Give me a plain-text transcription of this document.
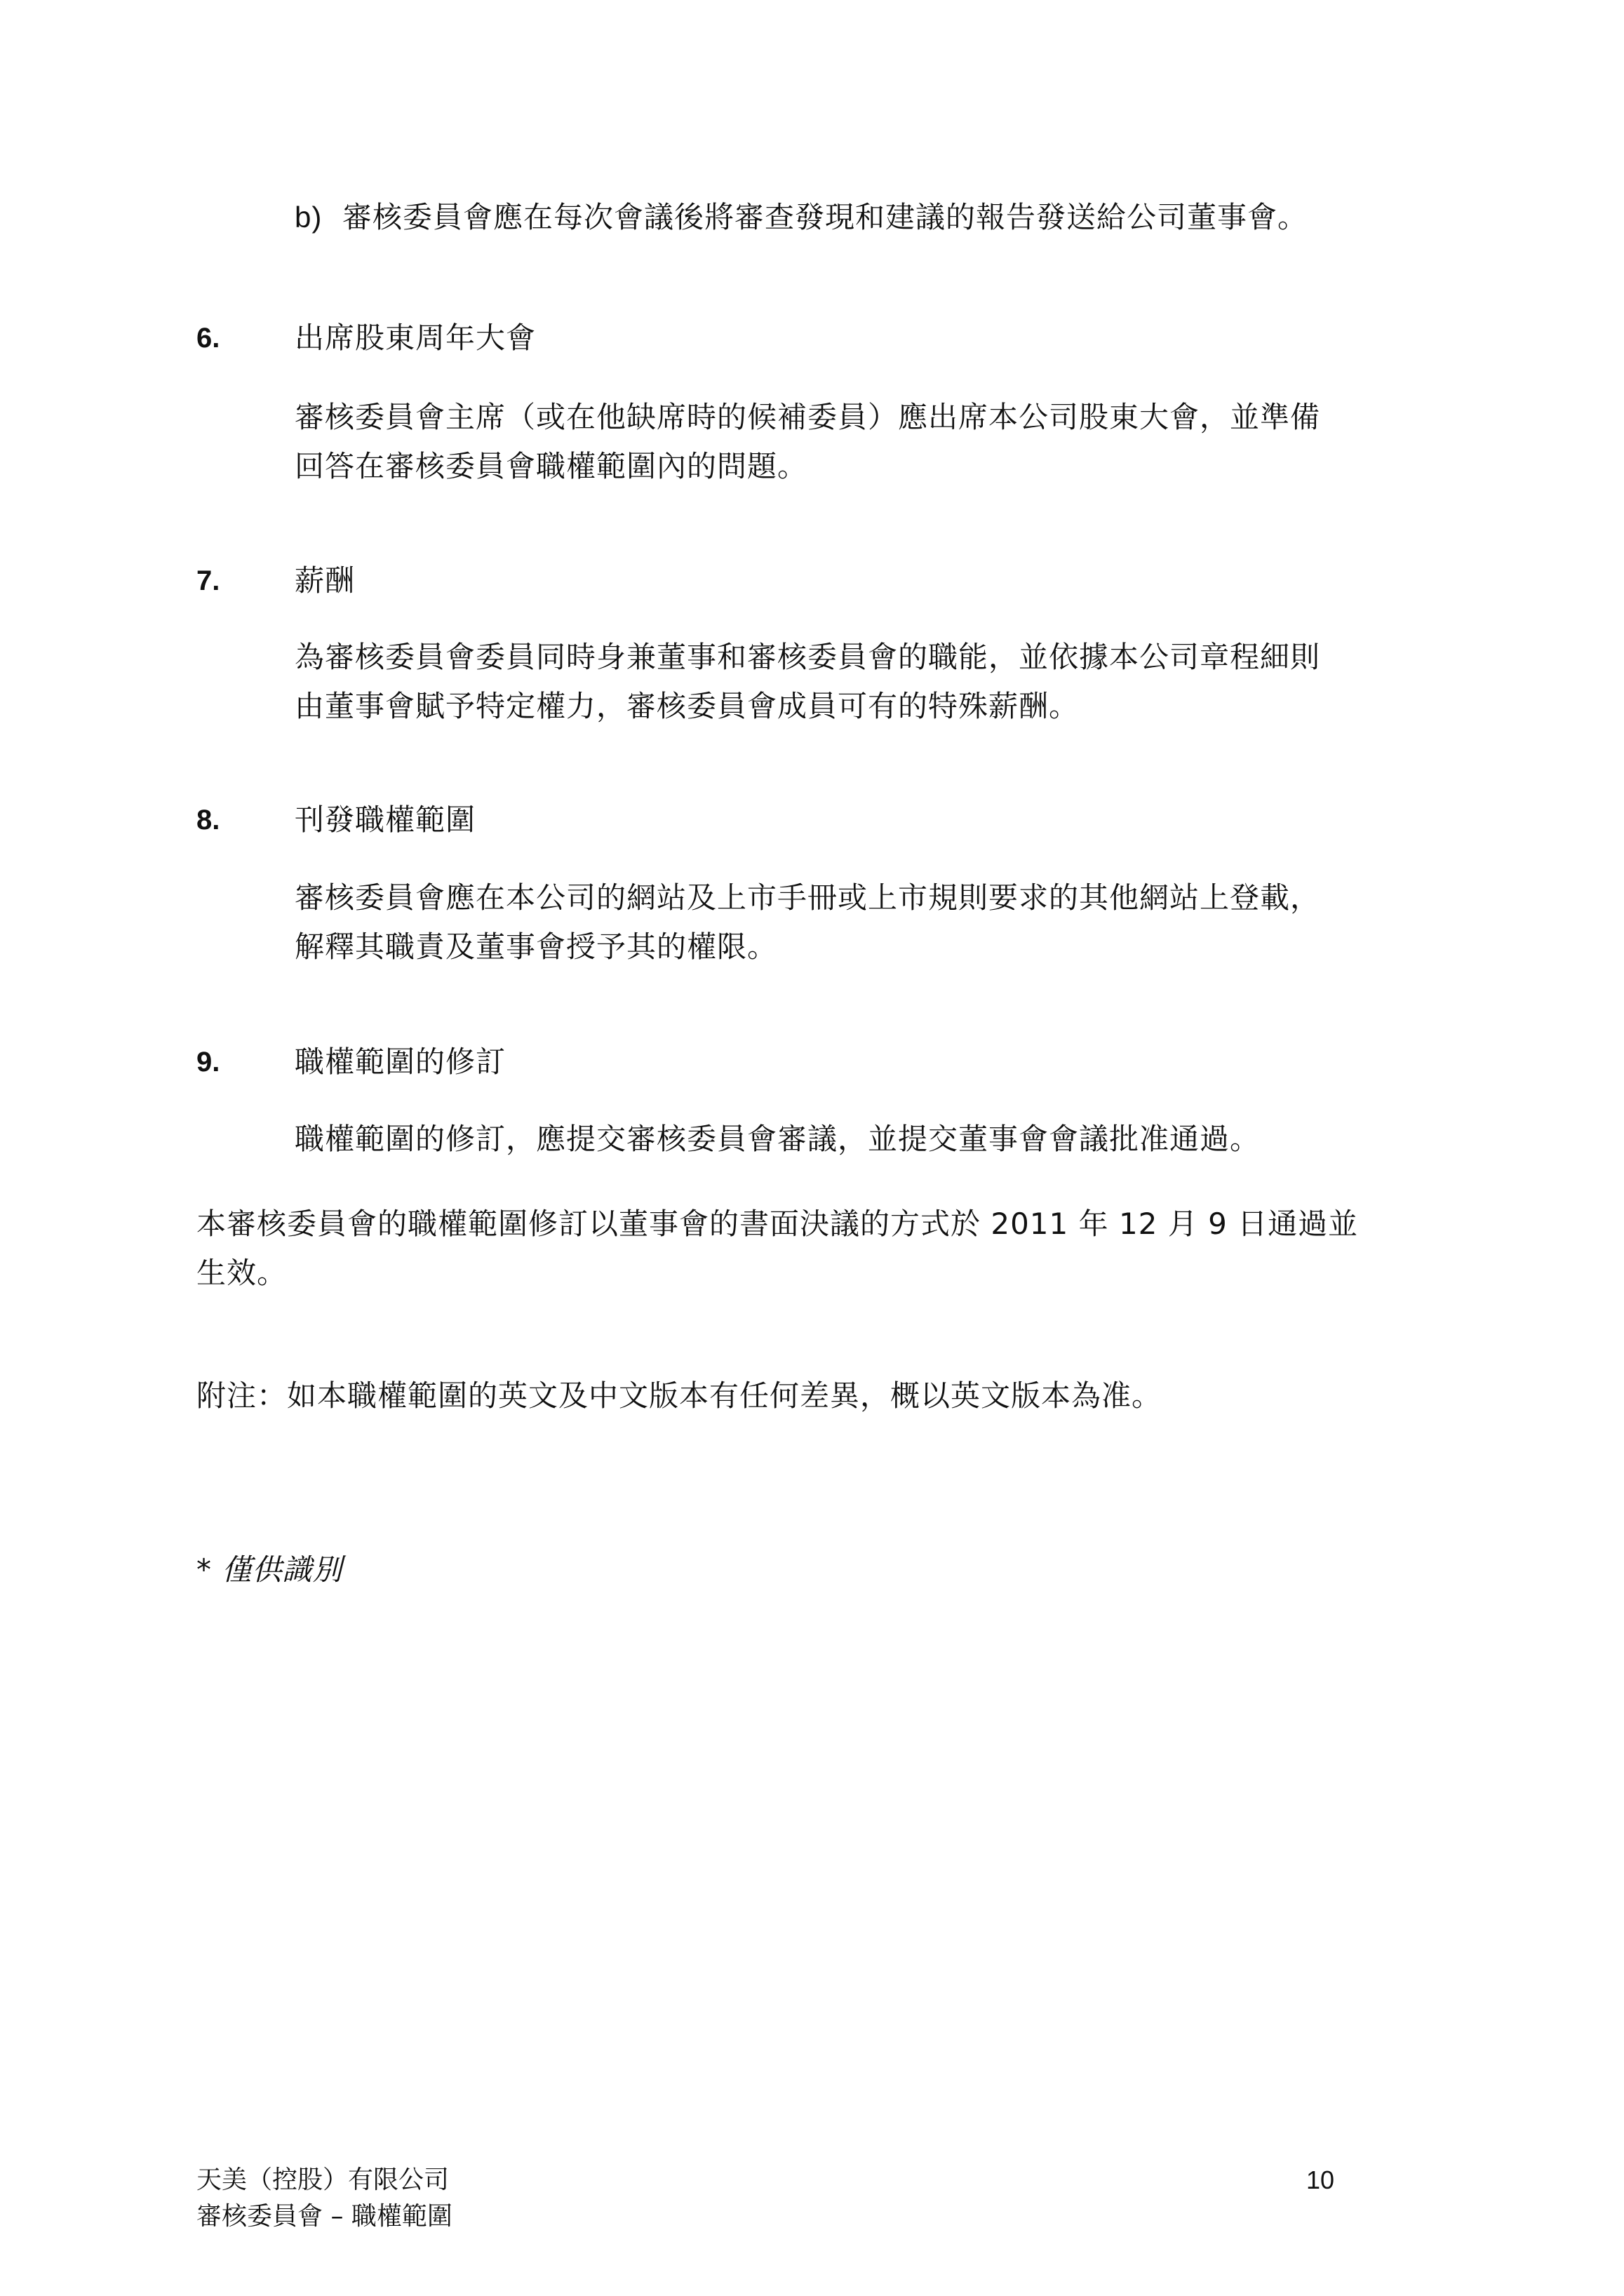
b) 審核委員會應在每次會議後將審查發現和建議的報告發送給公司董事會。
6.	出席股東周年大會
審核委員會主席（或在他缺席時的候補委員）應出席本公司股東大會，並準備
回答在審核委員會職權範圍內的問題。
7.	薪酬
為審核委員會委員同時身兼董事和審核委員會的職能，並依據本公司章程細則
由董事會賦予特定權力，審核委員會成員可有的特殊薪酬。
8.	刊發職權範圍
審核委員會應在本公司的網站及上市手冊或上市規則要求的其他網站上登載，
解釋其職責及董事會授予其的權限。
9.	職權範圍的修訂
職權範圍的修訂，應提交審核委員會審議，並提交董事會會議批准通過。
本審核委員會的職權範圍修訂以董事會的書面決議的方式於 2011 年 12 月 9 日通過並
生效。
附注：如本職權範圍的英文及中文版本有任何差異，概以英文版本為准。
* 僅供識別
天美（控股）有限公司
審核委員會 – 職權範圍
10
